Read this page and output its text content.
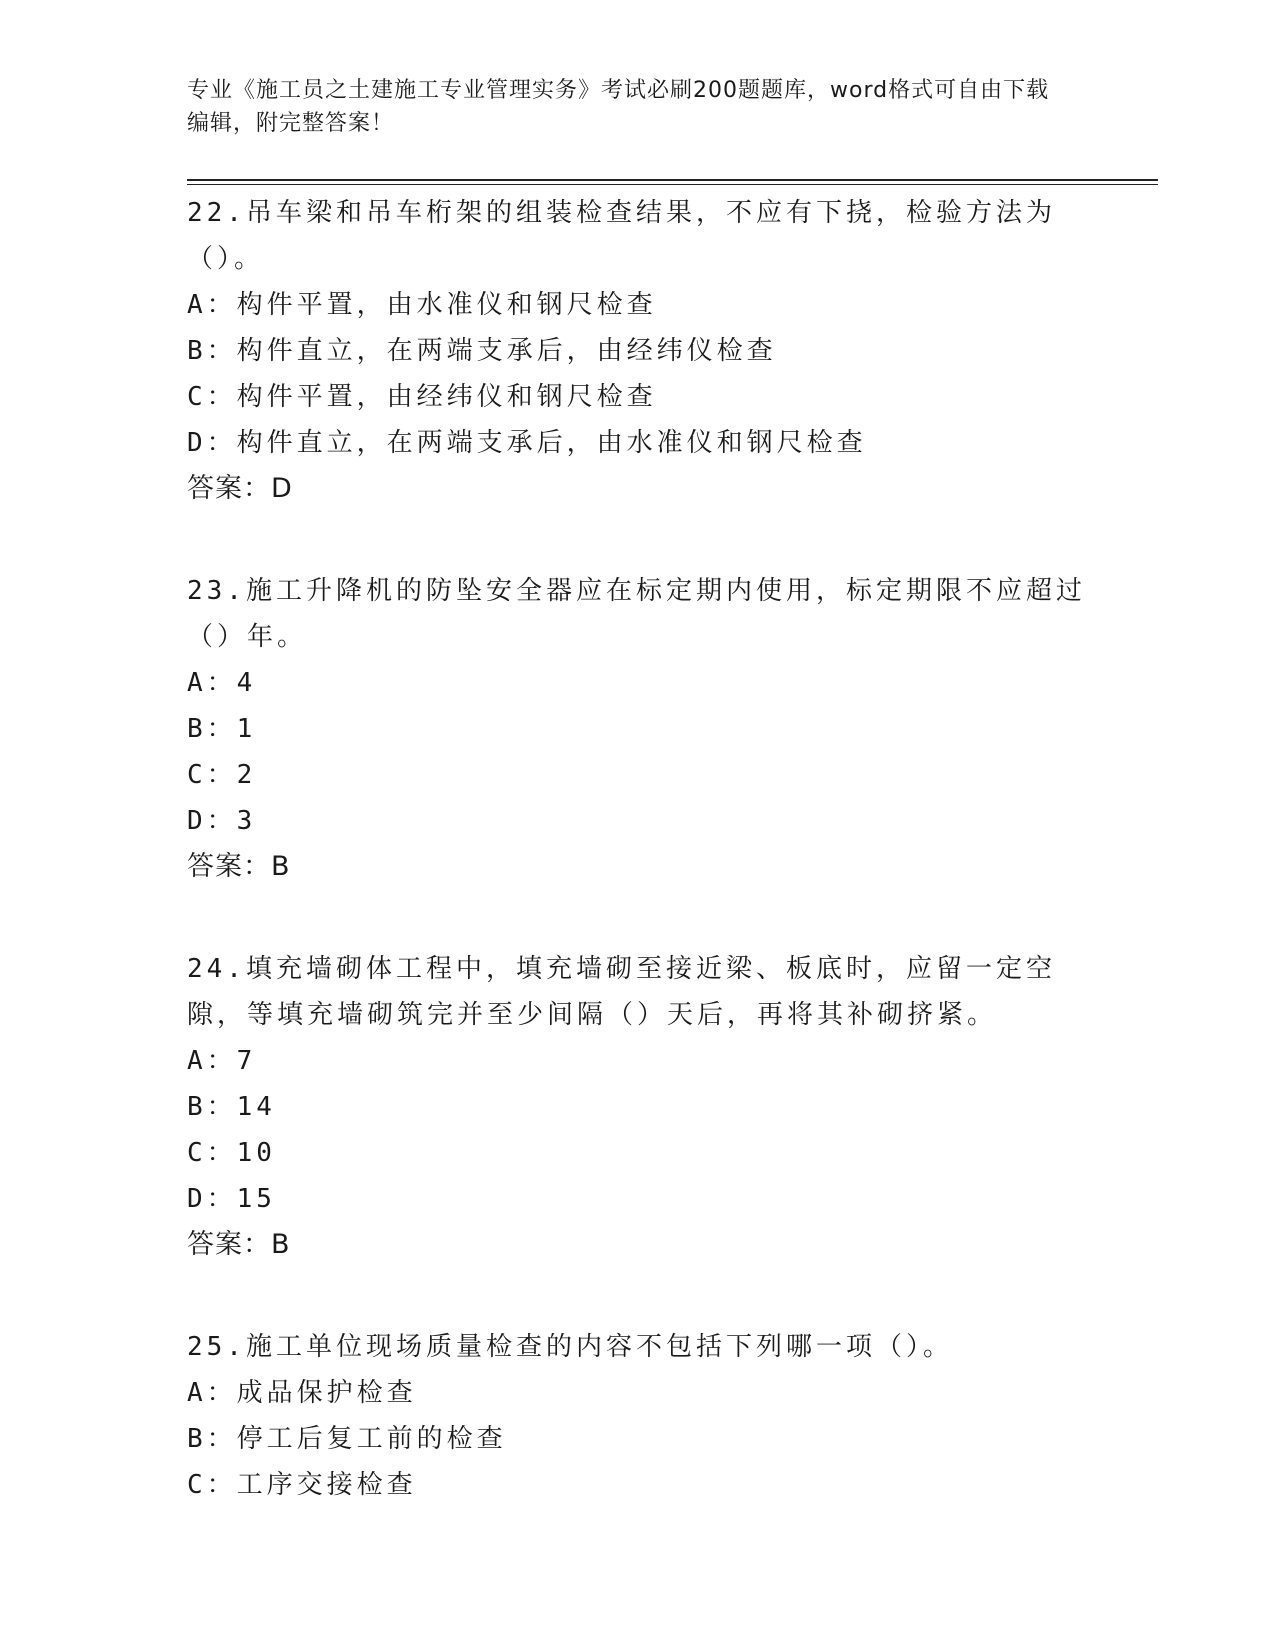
专业《施工员之土建施工专业管理实务》考试必刷200题题库，word格式可自由下载编辑，附完整答案！
22.吊车梁和吊车桁架的组装检查结果，不应有下挠，检验方法为（）。
A：构件平置，由水准仪和钢尺检查
B：构件直立，在两端支承后，由经纬仪检查
C：构件平置，由经纬仪和钢尺检查
D：构件直立，在两端支承后，由水准仪和钢尺检查
答案：D
23.施工升降机的防坠安全器应在标定期内使用，标定期限不应超过（）年。
A：4
B：1
C：2
D：3
答案：B
24.填充墙砌体工程中，填充墙砌至接近梁、板底时，应留一定空隙，等填充墙砌筑完并至少间隔（）天后，再将其补砌挤紧。
A：7
B：14
C：10
D：15
答案：B
25.施工单位现场质量检查的内容不包括下列哪一项（）。
A：成品保护检查
B：停工后复工前的检查
C：工序交接检查
